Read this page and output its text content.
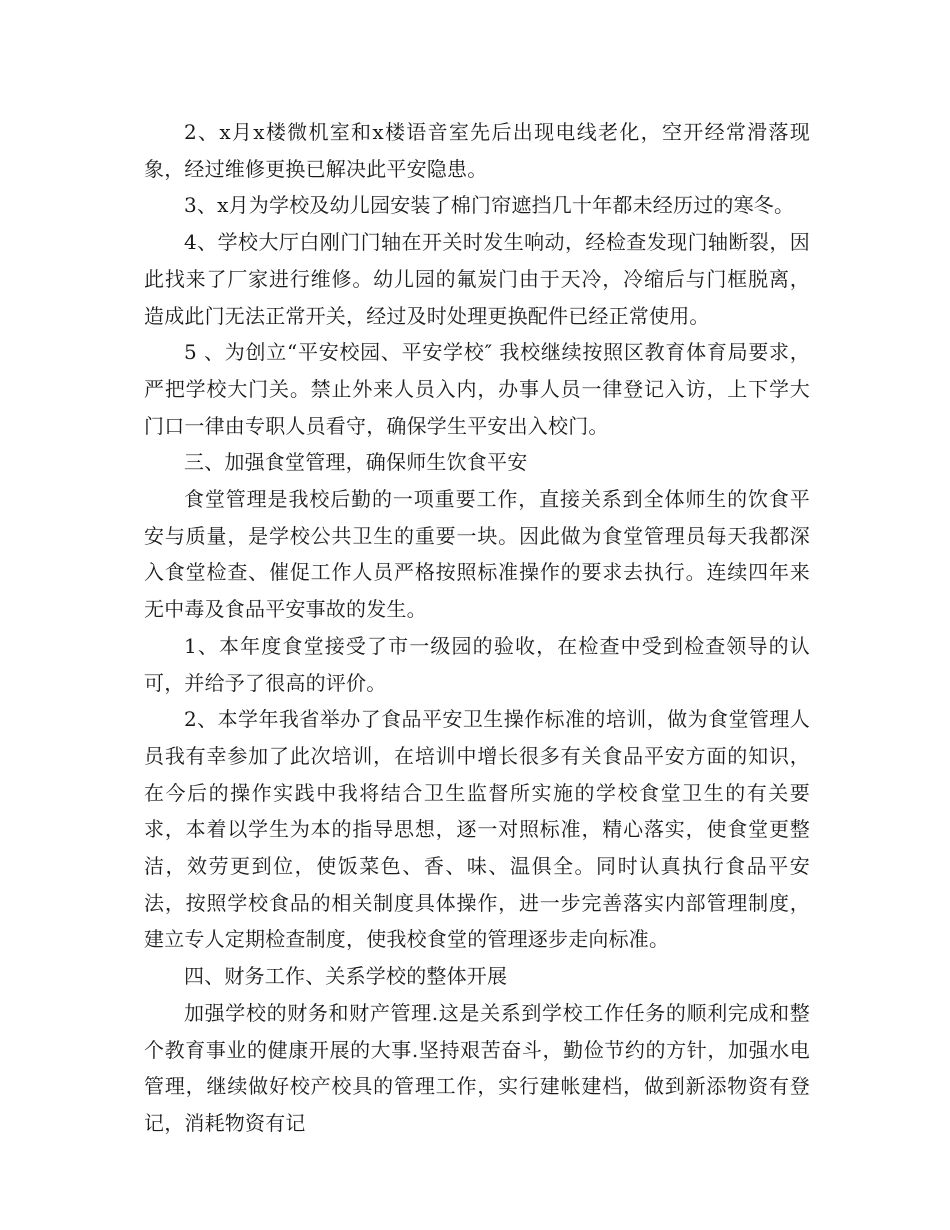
2、x月x楼微机室和x楼语音室先后出现电线老化，空开经常滑落现象，经过维修更换已解决此平安隐患。

3、x月为学校及幼儿园安装了棉门帘遮挡几十年都未经历过的寒冬。

4、学校大厅白刚门门轴在开关时发生响动，经检查发现门轴断裂，因此找来了厂家进行维修。幼儿园的氟炭门由于天冷，冷缩后与门框脱离，造成此门无法正常开关，经过及时处理更换配件已经正常使用。

5 、为创立“平安校园、平安学校″ 我校继续按照区教育体育局要求，严把学校大门关。禁止外来人员入内，办事人员一律登记入访，上下学大门口一律由专职人员看守，确保学生平安出入校门。

三、加强食堂管理，确保师生饮食平安

食堂管理是我校后勤的一项重要工作，直接关系到全体师生的饮食平安与质量，是学校公共卫生的重要一块。因此做为食堂管理员每天我都深入食堂检查、催促工作人员严格按照标准操作的要求去执行。连续四年来无中毒及食品平安事故的发生。

1、本年度食堂接受了市一级园的验收，在检查中受到检查领导的认可，并给予了很高的评价。

2、本学年我省举办了食品平安卫生操作标准的培训，做为食堂管理人员我有幸参加了此次培训，在培训中增长很多有关食品平安方面的知识，在今后的操作实践中我将结合卫生监督所实施的学校食堂卫生的有关要求，本着以学生为本的指导思想，逐一对照标准，精心落实，使食堂更整洁，效劳更到位，使饭菜色、香、味、温俱全。同时认真执行食品平安法，按照学校食品的相关制度具体操作，进一步完善落实内部管理制度，建立专人定期检查制度，使我校食堂的管理逐步走向标准。

四、财务工作、关系学校的整体开展

加强学校的财务和财产管理.这是关系到学校工作任务的顺利完成和整个教育事业的健康开展的大事.坚持艰苦奋斗，勤俭节约的方针，加强水电管理，继续做好校产校具的管理工作，实行建帐建档，做到新添物资有登记，消耗物资有记
